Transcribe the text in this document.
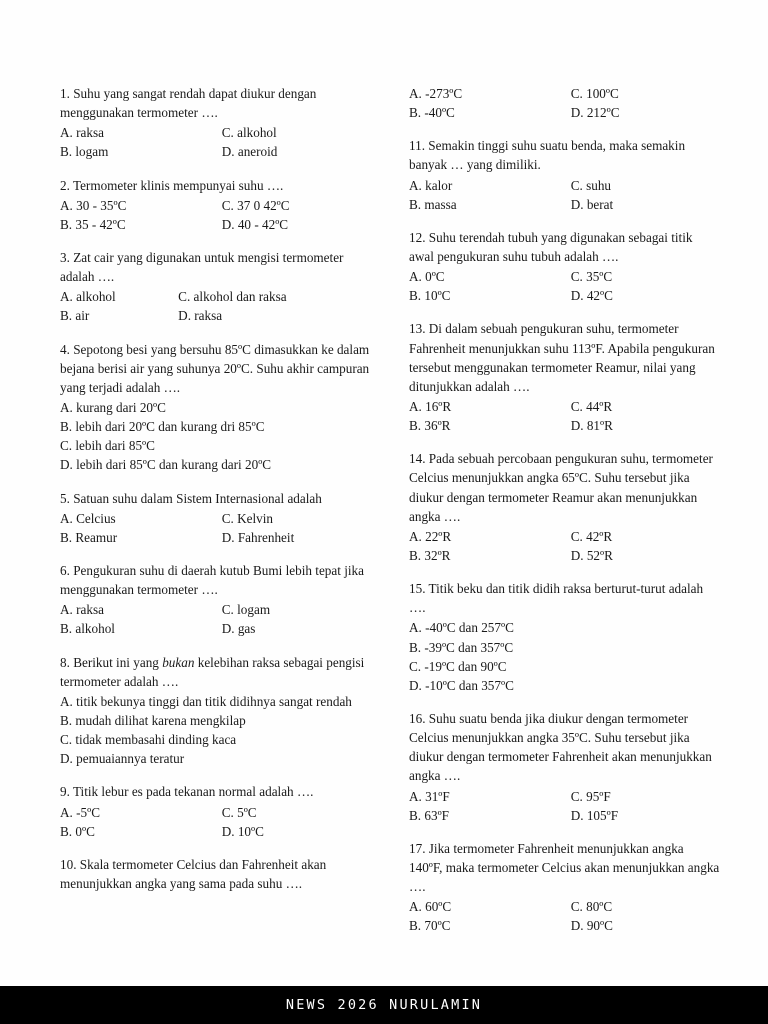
1. Suhu yang sangat rendah dapat diukur dengan menggunakan termometer ….
A. raksa	C. alkohol
B. logam	D. aneroid
2. Termometer klinis mempunyai suhu ….
A. 30 - 35ºC	C. 37 0 42ºC
B. 35 - 42ºC	D. 40 - 42ºC
3. Zat cair yang digunakan untuk mengisi termometer adalah ….
A. alkohol	C. alkohol dan raksa
B. air	D. raksa
4. Sepotong besi yang bersuhu 85ºC dimasukkan ke dalam bejana berisi air yang suhunya 20ºC. Suhu akhir campuran yang terjadi adalah ….
A. kurang dari 20ºC
B. lebih dari 20ºC dan kurang dri 85ºC
C. lebih dari 85ºC
D. lebih dari 85ºC dan kurang dari 20ºC
5. Satuan suhu dalam Sistem Internasional adalah
A. Celcius	C. Kelvin
B. Reamur	D. Fahrenheit
6. Pengukuran suhu di daerah kutub Bumi lebih tepat jika menggunakan termometer ….
A. raksa	C. logam
B. alkohol	D. gas
8. Berikut ini yang bukan kelebihan raksa sebagai pengisi termometer adalah ….
A. titik bekunya tinggi dan titik didihnya sangat rendah
B. mudah dilihat karena mengkilap
C. tidak membasahi dinding kaca
D. pemuaiannya teratur
9. Titik lebur es pada tekanan normal adalah ….
A. -5ºC	C. 5ºC
B. 0ºC	D. 10ºC
10. Skala termometer Celcius dan Fahrenheit akan menunjukkan angka yang sama pada suhu ….
A. -273ºC	C. 100ºC
B. -40ºC	D. 212ºC
11. Semakin tinggi suhu suatu benda, maka semakin banyak … yang dimiliki.
A. kalor	C. suhu
B. massa	D. berat
12. Suhu terendah tubuh yang digunakan sebagai titik awal pengukuran suhu tubuh adalah ….
A. 0ºC	C. 35ºC
B. 10ºC	D. 42ºC
13. Di dalam sebuah pengukuran suhu, termometer Fahrenheit menunjukkan suhu 113ºF. Apabila pengukuran tersebut menggunakan termometer Reamur, nilai yang ditunjukkan adalah ….
A. 16ºR	C. 44ºR
B. 36ºR	D. 81ºR
14. Pada sebuah percobaan pengukuran suhu, termometer Celcius menunjukkan angka 65ºC. Suhu tersebut jika diukur dengan termometer Reamur akan menunjukkan angka ….
A. 22ºR	C. 42ºR
B. 32ºR	D. 52ºR
15. Titik beku dan titik didih raksa berturut-turut adalah ….
A. -40ºC dan 257ºC
B. -39ºC dan 357ºC
C. -19ºC dan 90ºC
D. -10ºC dan 357ºC
16. Suhu suatu benda jika diukur dengan termometer Celcius menunjukkan angka 35ºC. Suhu tersebut jika diukur dengan termometer Fahrenheit akan menunjukkan angka ….
A. 31ºF	C. 95ºF
B. 63ºF	D. 105ºF
17. Jika termometer Fahrenheit menunjukkan angka 140ºF, maka termometer Celcius akan menunjukkan angka ….
A. 60ºC	C. 80ºC
B. 70ºC	D. 90ºC
NEWS 2026 NURULAMIN
